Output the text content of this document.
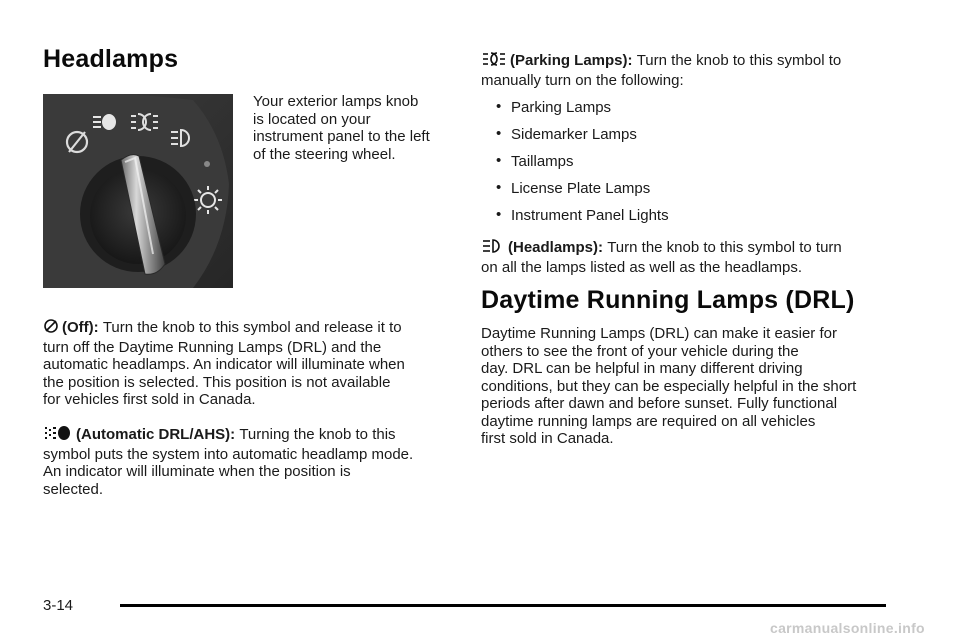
Headlamps
Your exterior lamps knob
is located on your
instrument panel to the left
of the steering wheel.
(Off): Turn the knob to this symbol and release it to
turn off the Daytime Running Lamps (DRL) and the
automatic headlamps. An indicator will illuminate when
the position is selected. This position is not available
for vehicles first sold in Canada.
(Automatic DRL/AHS): Turning the knob to this
symbol puts the system into automatic headlamp mode.
An indicator will illuminate when the position is
selected.
(Parking Lamps): Turn the knob to this symbol to
manually turn on the following:
• Parking Lamps
• Sidemarker Lamps
• Taillamps
• License Plate Lamps
• Instrument Panel Lights
(Headlamps): Turn the knob to this symbol to turn
on all the lamps listed as well as the headlamps.
Daytime Running Lamps (DRL)
Daytime Running Lamps (DRL) can make it easier for
others to see the front of your vehicle during the
day. DRL can be helpful in many different driving
conditions, but they can be especially helpful in the short
periods after dawn and before sunset. Fully functional
daytime running lamps are required on all vehicles
first sold in Canada.
3-14
carmanualsonline.info
